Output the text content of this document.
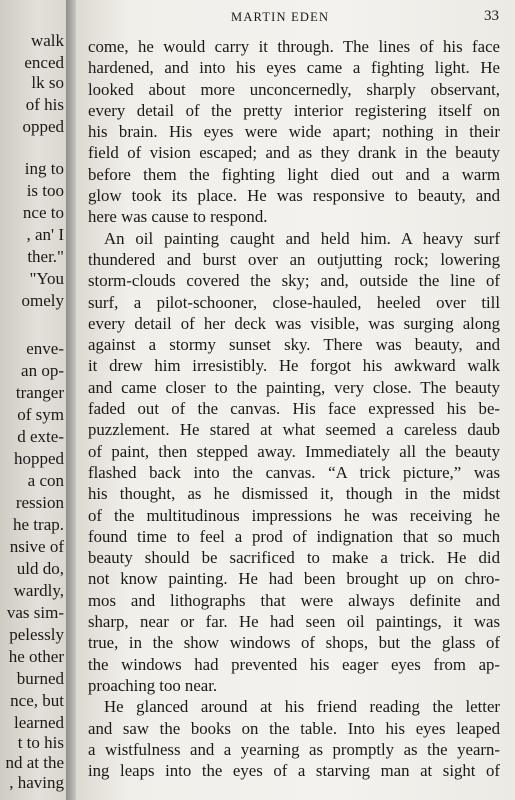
walk
enced
lk so
of his
opped
ing to
is too
nce to
, an' I
ther."
"You
omely
enve-
an op-
tranger
of sym
d exte-
hopped
a con
ression
he trap.
nsive of
uld do,
wardly,
vas sim-
pelessly
he other
burned
nce, but
learned
t to his
nd at the
, having
MARTIN EDEN	33
come, he would carry it through. The lines of his face
hardened, and into his eyes came a fighting light. He
looked about more unconcernedly, sharply observant,
every detail of the pretty interior registering itself on
his brain. His eyes were wide apart; nothing in their
field of vision escaped; and as they drank in the beauty
before them the fighting light died out and a warm
glow took its place. He was responsive to beauty, and
here was cause to respond.
An oil painting caught and held him. A heavy surf
thundered and burst over an outjutting rock; lowering
storm-clouds covered the sky; and, outside the line of
surf, a pilot-schooner, close-hauled, heeled over till
every detail of her deck was visible, was surging along
against a stormy sunset sky. There was beauty, and
it drew him irresistibly. He forgot his awkward walk
and came closer to the painting, very close. The beauty
faded out of the canvas. His face expressed his be-
puzzlement. He stared at what seemed a careless daub
of paint, then stepped away. Immediately all the beauty
flashed back into the canvas. “A trick picture,” was
his thought, as he dismissed it, though in the midst
of the multitudinous impressions he was receiving he
found time to feel a prod of indignation that so much
beauty should be sacrificed to make a trick. He did
not know painting. He had been brought up on chro-
mos and lithographs that were always definite and
sharp, near or far. He had seen oil paintings, it was
true, in the show windows of shops, but the glass of
the windows had prevented his eager eyes from ap-
proaching too near.
He glanced around at his friend reading the letter
and saw the books on the table. Into his eyes leaped
a wistfulness and a yearning as promptly as the yearn-
ing leaps into the eyes of a starving man at sight of
